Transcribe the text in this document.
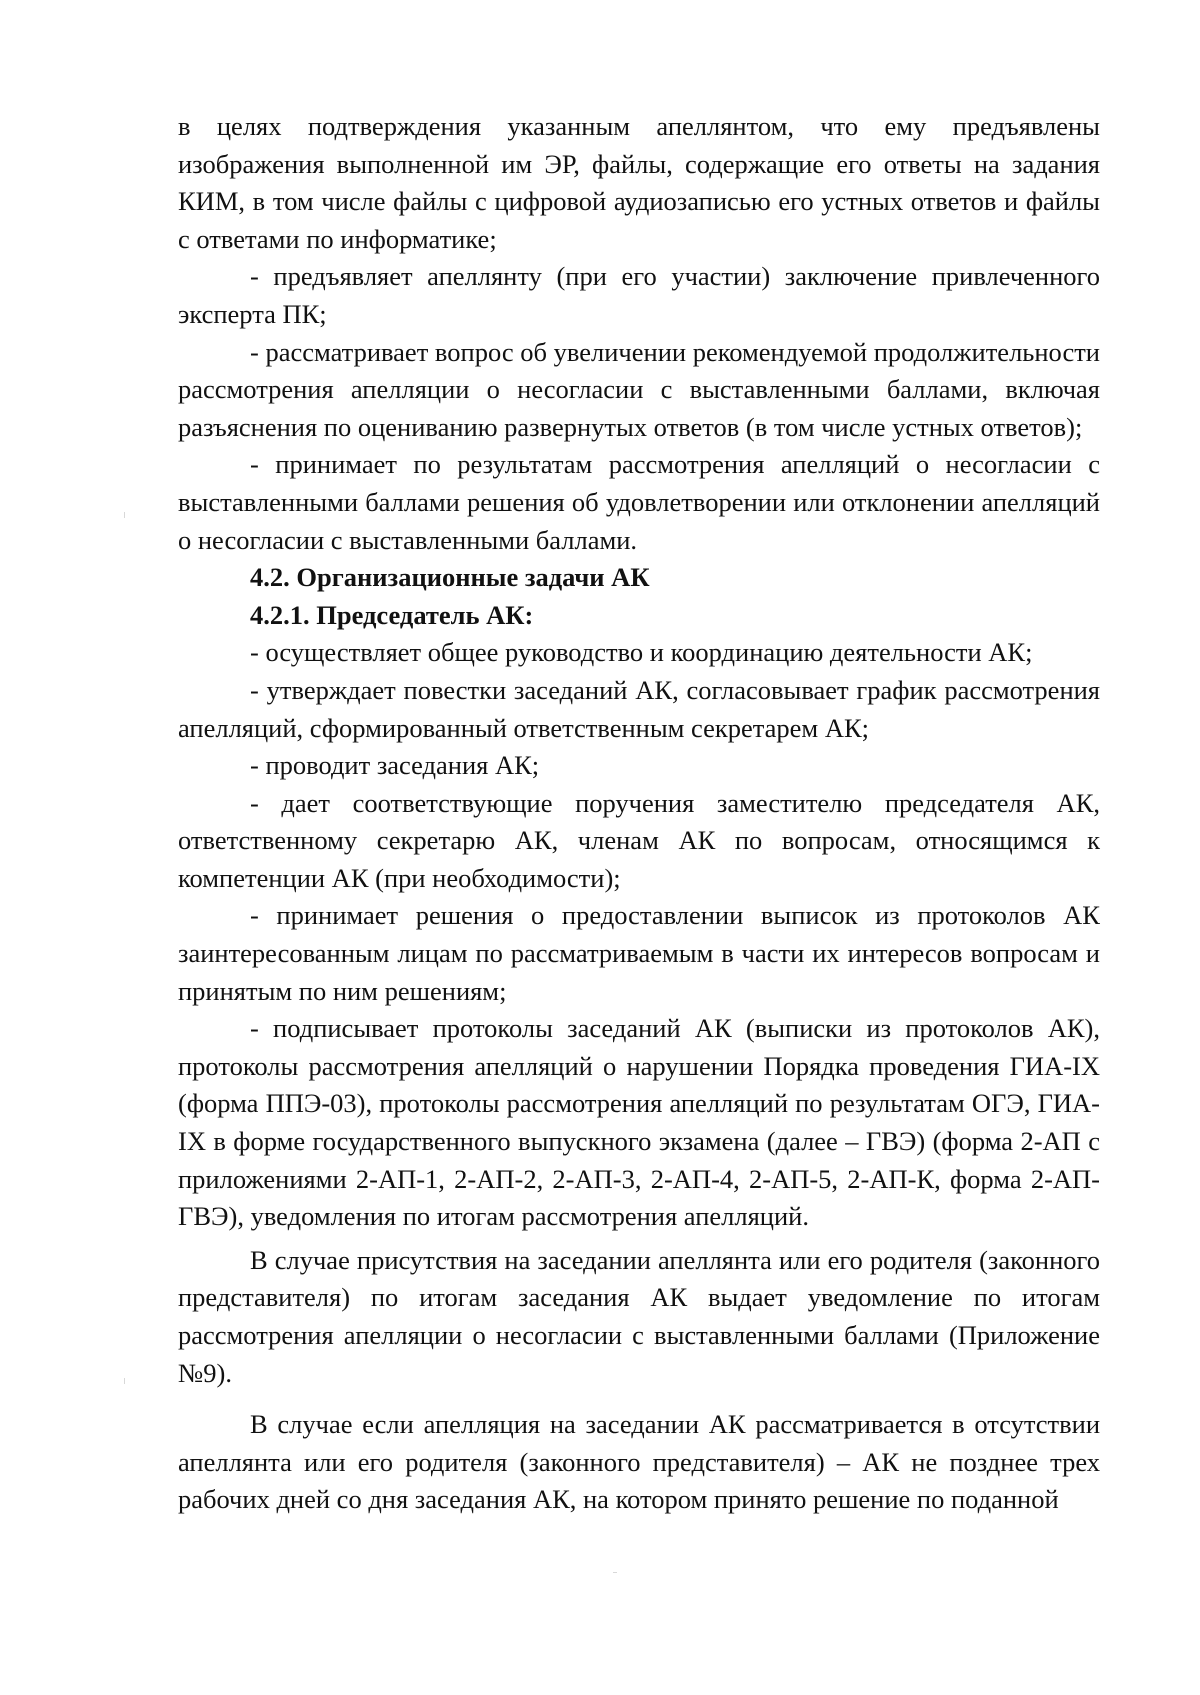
в целях подтверждения указанным апеллянтом, что ему предъявлены изображения выполненной им ЭР, файлы, содержащие его ответы на задания КИМ, в том числе файлы с цифровой аудиозаписью его устных ответов и файлы с ответами по информатике;

- предъявляет апеллянту (при его участии) заключение привлеченного эксперта ПК;

- рассматривает вопрос об увеличении рекомендуемой продолжительности рассмотрения апелляции о несогласии с выставленными баллами, включая разъяснения по оцениванию развернутых ответов (в том числе устных ответов);

- принимает по результатам рассмотрения апелляций о несогласии с выставленными баллами решения об удовлетворении или отклонении апелляций о несогласии с выставленными баллами.

4.2. Организационные задачи АК

4.2.1. Председатель АК:

- осуществляет общее руководство и координацию деятельности АК;

- утверждает повестки заседаний АК, согласовывает график рассмотрения апелляций, сформированный ответственным секретарем АК;

- проводит заседания АК;

- дает соответствующие поручения заместителю председателя АК, ответственному секретарю АК, членам АК по вопросам, относящимся к компетенции АК (при необходимости);

- принимает решения о предоставлении выписок из протоколов АК заинтересованным лицам по рассматриваемым в части их интересов вопросам и принятым по ним решениям;

- подписывает протоколы заседаний АК (выписки из протоколов АК), протоколы рассмотрения апелляций о нарушении Порядка проведения ГИА-IX (форма ППЭ-03), протоколы рассмотрения апелляций по результатам ОГЭ, ГИА-IX в форме государственного выпускного экзамена (далее – ГВЭ) (форма 2-АП с приложениями 2-АП-1, 2-АП-2, 2-АП-3, 2-АП-4, 2-АП-5, 2-АП-К, форма 2-АП-ГВЭ), уведомления по итогам рассмотрения апелляций.

В случае присутствия на заседании апеллянта или его родителя (законного представителя) по итогам заседания АК выдает уведомление по итогам рассмотрения апелляции о несогласии с выставленными баллами (Приложение №9).

В случае если апелляция на заседании АК рассматривается в отсутствии апеллянта или его родителя (законного представителя) – АК не позднее трех рабочих дней со дня заседания АК, на котором принято решение по поданной
